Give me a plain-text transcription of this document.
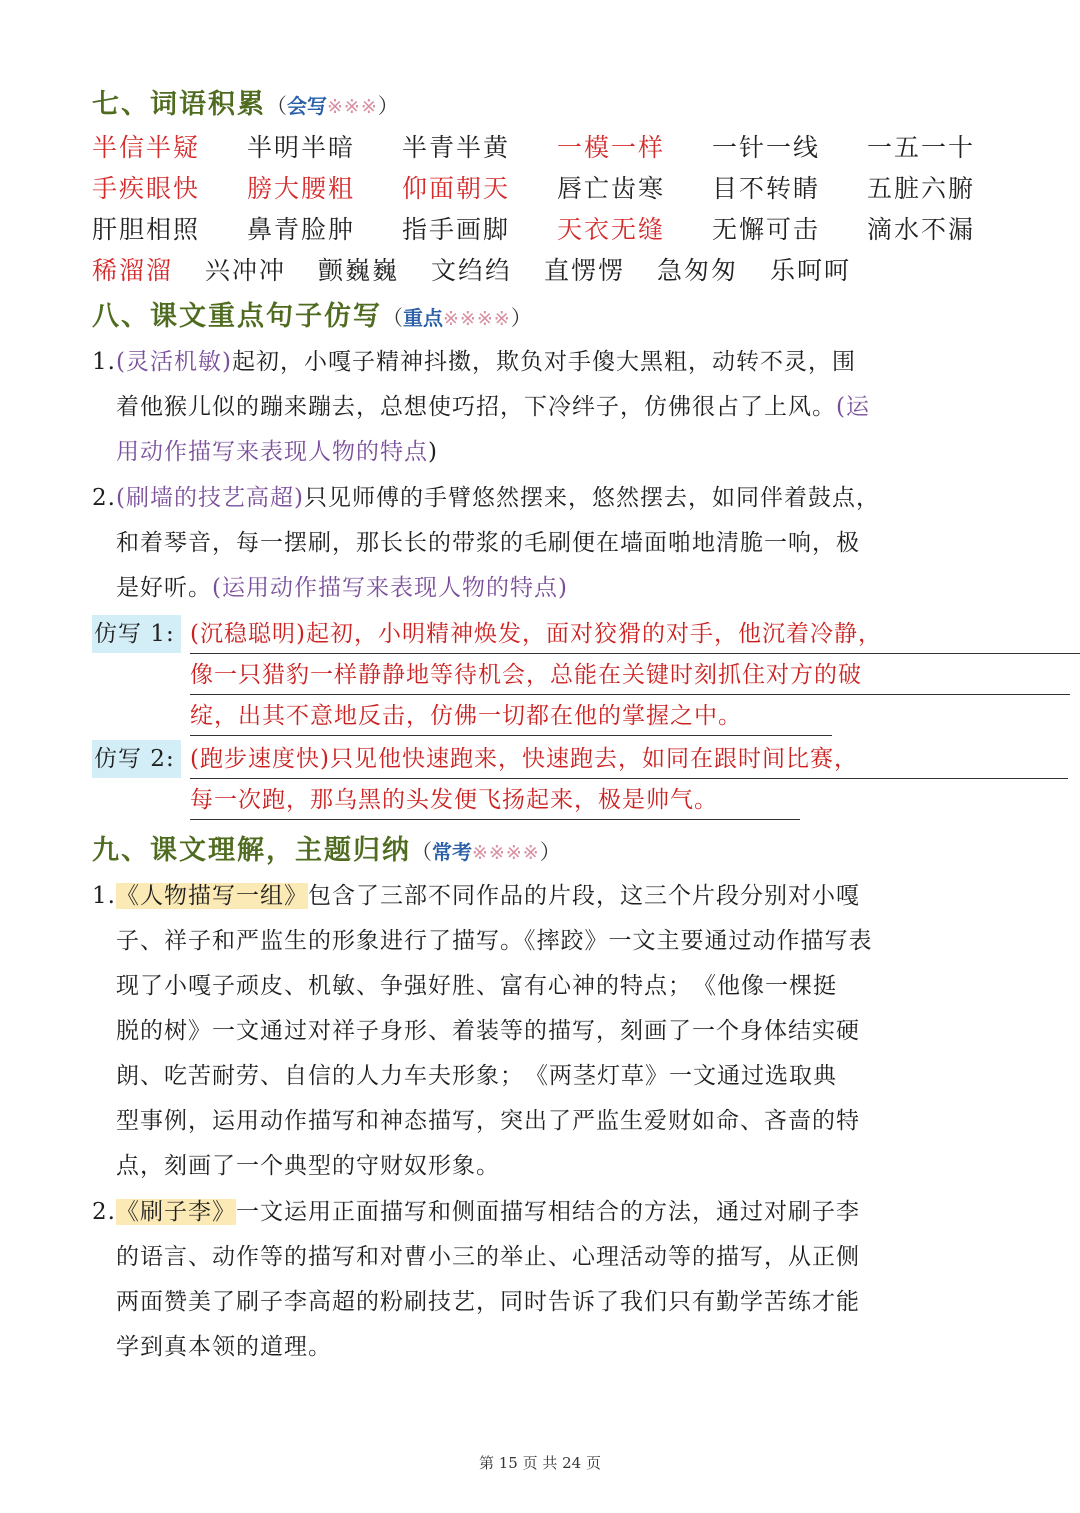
七、词语积累（会写※※※）
半信半疑 半明半暗 半青半黄 一模一样 一针一线 一五一十
手疾眼快 膀大腰粗 仰面朝天 唇亡齿寒 目不转睛 五脏六腑
肝胆相照 鼻青脸肿 指手画脚 天衣无缝 无懈可击 滴水不漏
稀溜溜 兴冲冲 颤巍巍 文绉绉 直愣愣 急匆匆 乐呵呵
八、课文重点句子仿写（重点※※※※）
1. (灵活机敏)起初，小嘎子精神抖擞，欺负对手傻大黑粗，动转不灵，围
着他猴儿似的蹦来蹦去，总想使巧招，下冷绊子，仿佛很占了上风。(运
用动作描写来表现人物的特点)
2. (刷墙的技艺高超)只见师傅的手臂悠然摆来，悠然摆去，如同伴着鼓点，
和着琴音，每一摆刷，那长长的带浆的毛刷便在墙面啪地清脆一响，极
是好听。(运用动作描写来表现人物的特点)
仿写 1: (沉稳聪明)起初，小明精神焕发，面对狡猾的对手，他沉着冷静，
像一只猎豹一样静静地等待机会，总能在关键时刻抓住对方的破
绽，出其不意地反击，仿佛一切都在他的掌握之中。
仿写 2: (跑步速度快)只见他快速跑来，快速跑去，如同在跟时间比赛，
每一次跑，那乌黑的头发便飞扬起来，极是帅气。
九、课文理解，主题归纳（常考※※※※）
1. 《人物描写一组》包含了三部不同作品的片段，这三个片段分别对小嘎
子、祥子和严监生的形象进行了描写。《摔跤》一文主要通过动作描写表
现了小嘎子顽皮、机敏、争强好胜、富有心神的特点；　《他像一棵挺
脱的树》一文通过对祥子身形、着装等的描写，刻画了一个身体结实硬
朗、吃苦耐劳、自信的人力车夫形象；　《两茎灯草》一文通过选取典
型事例，运用动作描写和神态描写，突出了严监生爱财如命、吝啬的特
点，刻画了一个典型的守财奴形象。
2. 《刷子李》一文运用正面描写和侧面描写相结合的方法，通过对刷子李
的语言、动作等的描写和对曹小三的举止、心理活动等的描写，从正侧
两面赞美了刷子李高超的粉刷技艺，同时告诉了我们只有勤学苦练才能
学到真本领的道理。
第 15 页 共 24 页
